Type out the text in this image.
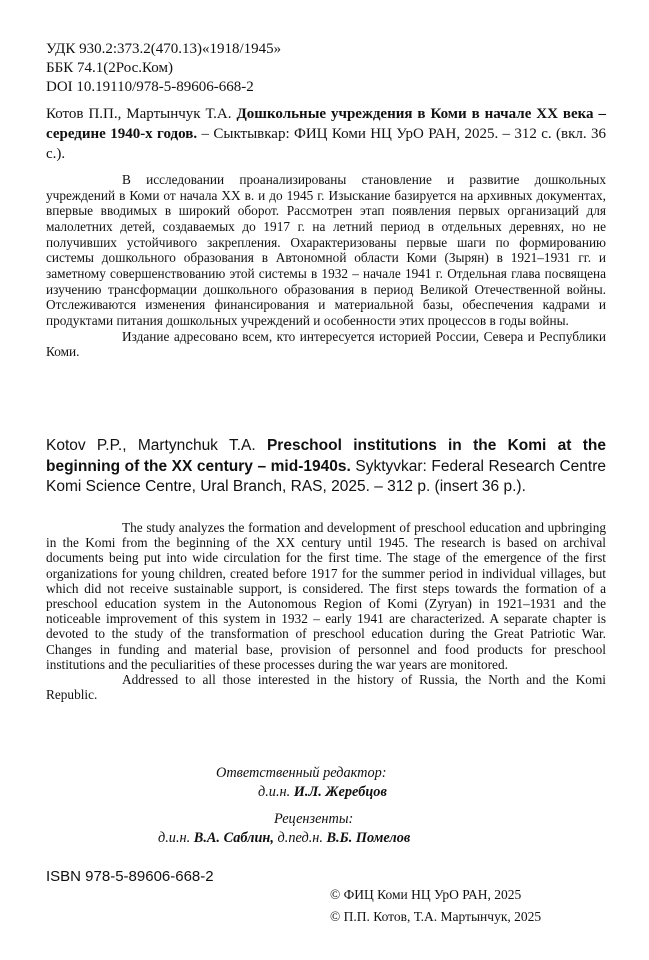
УДК 930.2:373.2(470.13)«1918/1945»
ББК 74.1(2Рос.Ком)
DOI 10.19110/978-5-89606-668-2
Котов П.П., Мартынчук Т.А. Дошкольные учреждения в Коми в начале XX века – середине 1940-х годов. – Сыктывкар: ФИЦ Коми НЦ УрО РАН, 2025. – 312 с. (вкл. 36 с.).

В исследовании проанализированы становление и развитие дошкольных учреждений в Коми от начала XX в. и до 1945 г. Изыскание базируется на архивных документах, впервые вводимых в широкий оборот. Рассмотрен этап появления первых организаций для малолетних детей, создаваемых до 1917 г. на летний период в отдельных деревнях, но не получивших устойчивого закрепления. Охарактеризованы первые шаги по формированию системы дошкольного образования в Автономной области Коми (Зырян) в 1921–1931 гг. и заметному совершенствованию этой системы в 1932 – начале 1941 г. Отдельная глава посвящена изучению трансформации дошкольного образования в период Великой Отечественной войны. Отслеживаются изменения финансирования и материальной базы, обеспечения кадрами и продуктами питания дошкольных учреждений и особенности этих процессов в годы войны.

Издание адресовано всем, кто интересуется историей России, Севера и Республики Коми.

Kotov P.P., Martynchuk T.A. Preschool institutions in the Komi at the beginning of the XX century – mid-1940s. Syktyvkar: Federal Research Centre Komi Science Centre, Ural Branch, RAS, 2025. – 312 p. (insert 36 p.).

The study analyzes the formation and development of preschool education and upbringing in the Komi from the beginning of the XX century until 1945. The research is based on archival documents being put into wide circulation for the first time. The stage of the emergence of the first organizations for young children, created before 1917 for the summer period in individual villages, but which did not receive sustainable support, is considered. The first steps towards the formation of a preschool education system in the Autonomous Region of Komi (Zyryan) in 1921–1931 and the noticeable improvement of this system in 1932 – early 1941 are characterized. A separate chapter is devoted to the study of the transformation of preschool education during the Great Patriotic War. Changes in funding and material base, provision of personnel and food products for preschool institutions and the peculiarities of these processes during the war years are monitored.

Addressed to all those interested in the history of Russia, the North and the Komi Republic.

Ответственный редактор:
д.и.н. И.Л. Жеребцов
Рецензенты:
д.и.н. В.А. Саблин, д.пед.н. В.Б. Помелов
ISBN 978-5-89606-668-2
© ФИЦ Коми НЦ УрО РАН, 2025
© П.П. Котов, Т.А. Мартынчук, 2025
